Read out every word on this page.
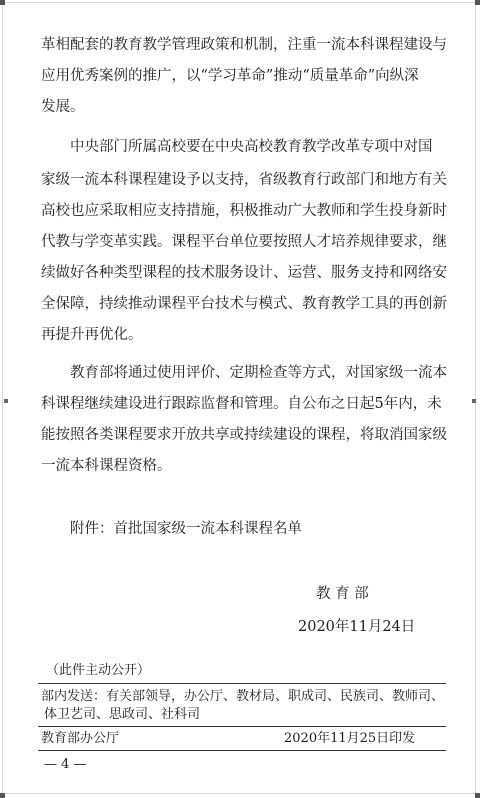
革相配套的教育教学管理政策和机制，注重一流本科课程建设与
应用优秀案例的推广，以“学习革命”推动“质量革命”向纵深
发展。
中央部门所属高校要在中央高校教育教学改革专项中对国
家级一流本科课程建设予以支持，省级教育行政部门和地方有关
高校也应采取相应支持措施，积极推动广大教师和学生投身新时
代教与学变革实践。课程平台单位要按照人才培养规律要求，继
续做好各种类型课程的技术服务设计、运营、服务支持和网络安
全保障，持续推动课程平台技术与模式、教育教学工具的再创新
再提升再优化。
教育部将通过使用评价、定期检查等方式，对国家级一流本
科课程继续建设进行跟踪监督和管理。自公布之日起5年内，未
能按照各类课程要求开放共享或持续建设的课程，将取消国家级
一流本科课程资格。
附件：首批国家级一流本科课程名单
教 育 部
2020年11月24日
（此件主动公开）
部内发送：有关部领导，办公厅、教材局、职成司、民族司、教师司、
体卫艺司、思政司、社科司
教育部办公厅	2020年11月25日印发
— 4 —
